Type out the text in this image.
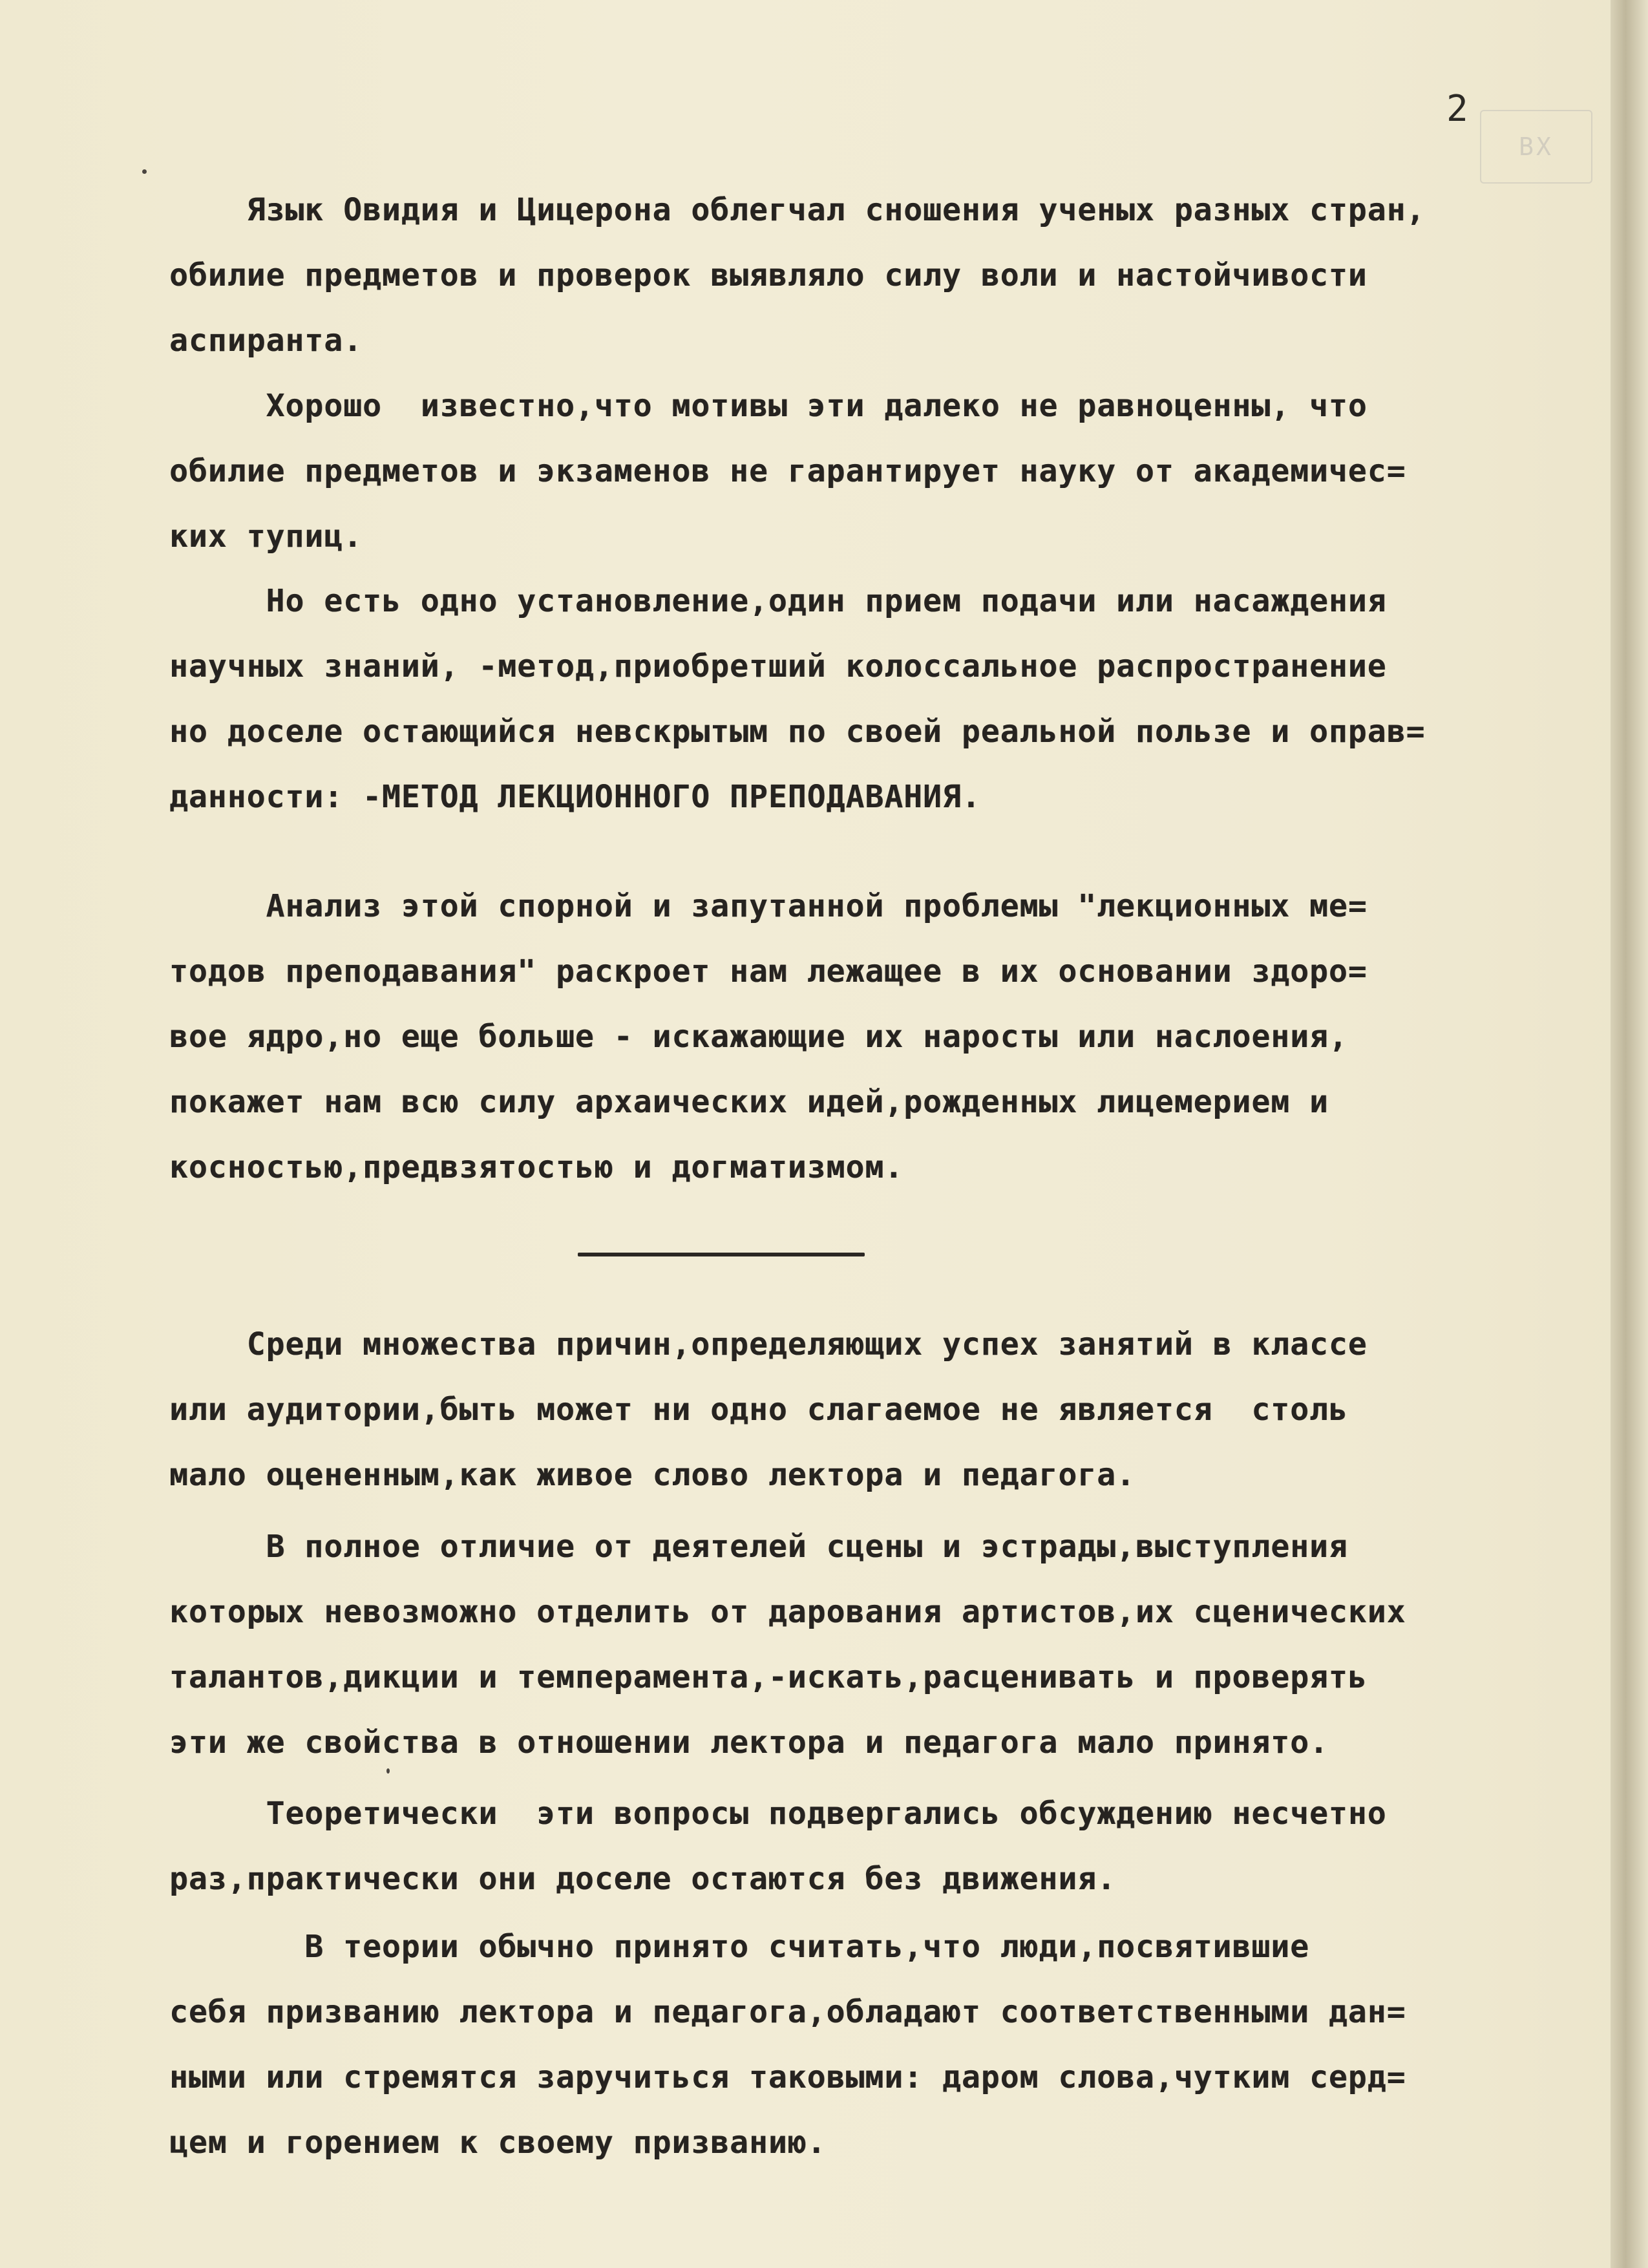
ВХ
2

Язык Овидия и Цицерона облегчал сношения ученых разных стран,
обилие предметов и проверок выявляло силу воли и настойчивости
аспиранта.

Хорошо  известно,что мотивы эти далеко не равноценны, что
обилие предметов и экзаменов не гарантирует науку от академичес=
ких тупиц.

Но есть одно установление,один прием подачи или насаждения
научных знаний, -метод,приобретший колоссальное распространение
но доселе остающийся невскрытым по своей реальной пользе и оправ=
данности: -МЕТОД ЛЕКЦИОННОГО ПРЕПОДАВАНИЯ.

Анализ этой спорной и запутанной проблемы "лекционных ме=
тодов преподавания" раскроет нам лежащее в их основании здоро=
вое ядро,но еще больше - искажающие их наросты или наслоения,
покажет нам всю силу архаических идей,рожденных лицемерием и
косностью,предвзятостью и догматизмом.

Среди множества причин,определяющих успех занятий в классе
или аудитории,быть может ни одно слагаемое не является  столь
мало оцененным,как живое слово лектора и педагога.

В полное отличие от деятелей сцены и эстрады,выступления
которых невозможно отделить от дарования артистов,их сценических
талантов,дикции и темперамента,-искать,расценивать и проверять
эти же свойства в отношении лектора и педагога мало принято.

Теоретически  эти вопросы подвергались обсуждению несчетно
раз,практически они доселе остаются без движения.

В теории обычно принято считать,что люди,посвятившие
себя призванию лектора и педагога,обладают соответственными дан=
ными или стремятся заручиться таковыми: даром слова,чутким серд=
цем и горением к своему призванию.
